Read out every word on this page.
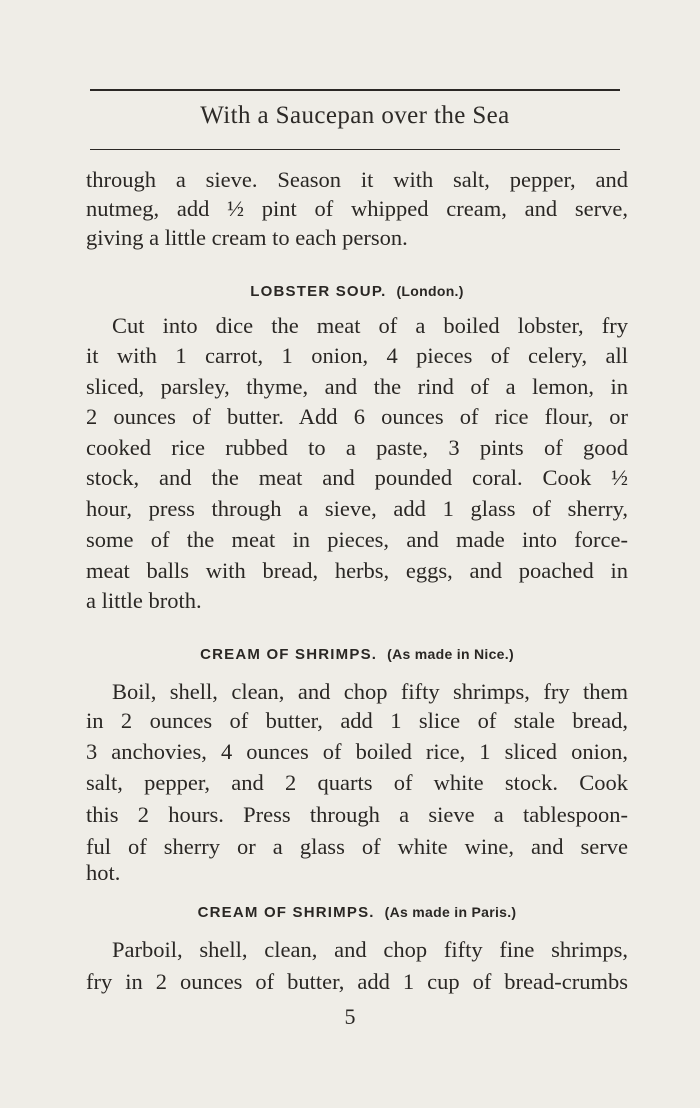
With a Saucepan over the Sea
through a sieve. Season it with salt, pepper, and
nutmeg, add ½ pint of whipped cream, and serve,
giving a little cream to each person.
LOBSTER SOUP. (London.)
Cut into dice the meat of a boiled lobster, fry
it with 1 carrot, 1 onion, 4 pieces of celery, all
sliced, parsley, thyme, and the rind of a lemon, in
2 ounces of butter. Add 6 ounces of rice flour, or
cooked rice rubbed to a paste, 3 pints of good
stock, and the meat and pounded coral. Cook ½
hour, press through a sieve, add 1 glass of sherry,
some of the meat in pieces, and made into force-
meat balls with bread, herbs, eggs, and poached in
a little broth.
CREAM OF SHRIMPS. (As made in Nice.)
Boil, shell, clean, and chop fifty shrimps, fry them
in 2 ounces of butter, add 1 slice of stale bread,
3 anchovies, 4 ounces of boiled rice, 1 sliced onion,
salt, pepper, and 2 quarts of white stock. Cook
this 2 hours. Press through a sieve a tablespoon-
ful of sherry or a glass of white wine, and serve
hot.
CREAM OF SHRIMPS. (As made in Paris.)
Parboil, shell, clean, and chop fifty fine shrimps,
fry in 2 ounces of butter, add 1 cup of bread-crumbs
5
